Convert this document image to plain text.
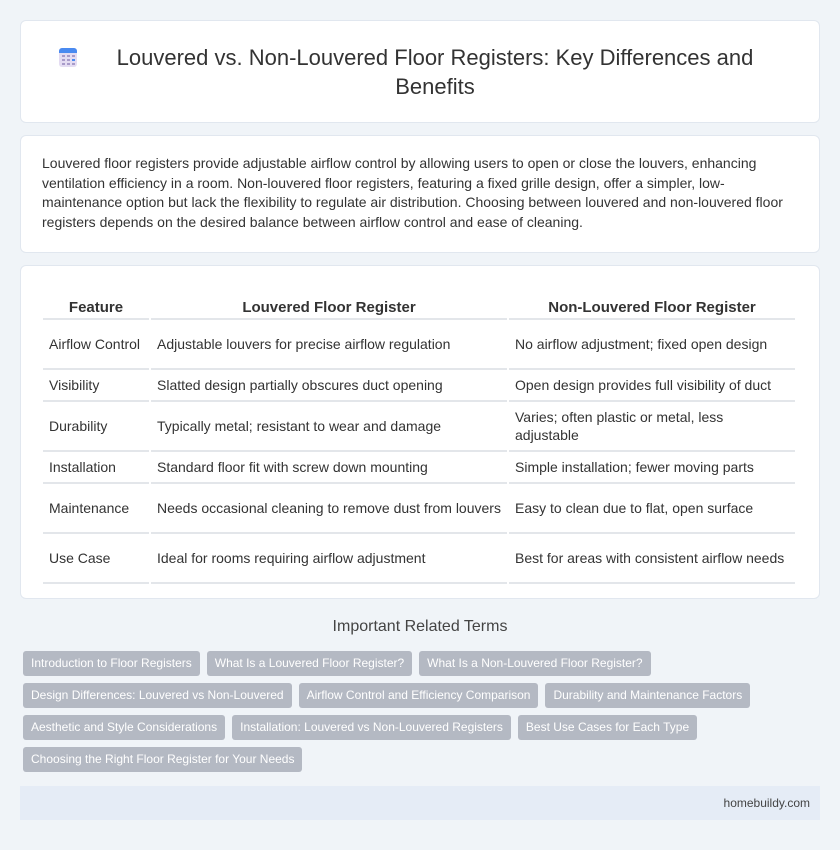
Louvered vs. Non-Louvered Floor Registers: Key Differences and Benefits

Louvered floor registers provide adjustable airflow control by allowing users to open or close the louvers, enhancing ventilation efficiency in a room. Non-louvered floor registers, featuring a fixed grille design, offer a simpler, low-maintenance option but lack the flexibility to regulate air distribution. Choosing between louvered and non-louvered floor registers depends on the desired balance between airflow control and ease of cleaning.

Feature	Louvered Floor Register	Non-Louvered Floor Register
Airflow Control	Adjustable louvers for precise airflow regulation	No airflow adjustment; fixed open design
Visibility	Slatted design partially obscures duct opening	Open design provides full visibility of duct
Durability	Typically metal; resistant to wear and damage	Varies; often plastic or metal, less adjustable
Installation	Standard floor fit with screw down mounting	Simple installation; fewer moving parts
Maintenance	Needs occasional cleaning to remove dust from louvers	Easy to clean due to flat, open surface
Use Case	Ideal for rooms requiring airflow adjustment	Best for areas with consistent airflow needs
Important Related Terms
Introduction to Floor Registers	What Is a Louvered Floor Register?	What Is a Non-Louvered Floor Register?
Design Differences: Louvered vs Non-Louvered	Airflow Control and Efficiency Comparison	Durability and Maintenance Factors
Aesthetic and Style Considerations	Installation: Louvered vs Non-Louvered Registers	Best Use Cases for Each Type
Choosing the Right Floor Register for Your Needs
homebuildy.com
